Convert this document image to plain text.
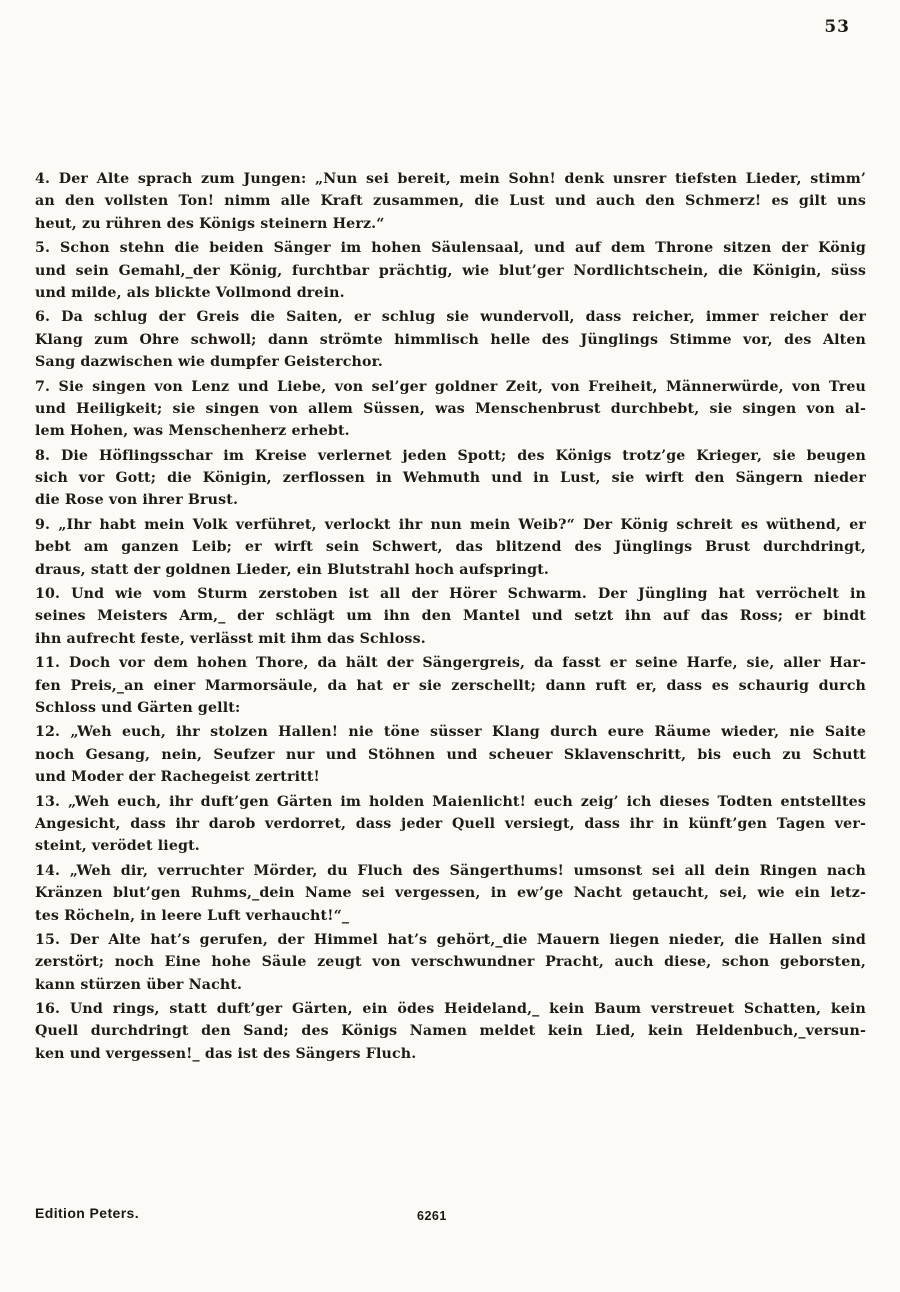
53
4. Der Alte sprach zum Jungen: „Nun sei bereit, mein Sohn! denk unsrer tiefsten Lieder, stimm’
an den vollsten Ton! nimm alle Kraft zusammen, die Lust und auch den Schmerz! es gilt uns
heut, zu rühren des Königs steinern Herz.“
5. Schon stehn die beiden Sänger im hohen Säulensaal, und auf dem Throne sitzen der König
und sein Gemahl,_der König, furchtbar prächtig, wie blut’ger Nordlichtschein, die Königin, süss
und milde, als blickte Vollmond drein.
6. Da schlug der Greis die Saiten, er schlug sie wundervoll, dass reicher, immer reicher der
Klang zum Ohre schwoll; dann strömte himmlisch helle des Jünglings Stimme vor, des Alten
Sang dazwischen wie dumpfer Geisterchor.
7. Sie singen von Lenz und Liebe, von sel’ger goldner Zeit, von Freiheit, Männerwürde, von Treu
und Heiligkeit; sie singen von allem Süssen, was Menschenbrust durchbebt, sie singen von al-
lem Hohen, was Menschenherz erhebt.
8. Die Höflingsschar im Kreise verlernet jeden Spott; des Königs trotz’ge Krieger, sie beugen
sich vor Gott; die Königin, zerflossen in Wehmuth und in Lust, sie wirft den Sängern nieder
die Rose von ihrer Brust.
9. „Ihr habt mein Volk verführet, verlockt ihr nun mein Weib?“ Der König schreit es wüthend, er
bebt am ganzen Leib; er wirft sein Schwert, das blitzend des Jünglings Brust durchdringt,
draus, statt der goldnen Lieder, ein Blutstrahl hoch aufspringt.
10. Und wie vom Sturm zerstoben ist all der Hörer Schwarm. Der Jüngling hat verröchelt in
seines Meisters Arm,_ der schlägt um ihn den Mantel und setzt ihn auf das Ross; er bindt
ihn aufrecht feste, verlässt mit ihm das Schloss.
11. Doch vor dem hohen Thore, da hält der Sängergreis, da fasst er seine Harfe, sie, aller Har-
fen Preis,_an einer Marmorsäule, da hat er sie zerschellt; dann ruft er, dass es schaurig durch
Schloss und Gärten gellt:
12. „Weh euch, ihr stolzen Hallen! nie töne süsser Klang durch eure Räume wieder, nie Saite
noch Gesang, nein, Seufzer nur und Stöhnen und scheuer Sklavenschritt, bis euch zu Schutt
und Moder der Rachegeist zertritt!
13. „Weh euch, ihr duft’gen Gärten im holden Maienlicht! euch zeig’ ich dieses Todten entstelltes
Angesicht, dass ihr darob verdorret, dass jeder Quell versiegt, dass ihr in künft’gen Tagen ver-
steint, verödet liegt.
14. „Weh dir, verruchter Mörder, du Fluch des Sängerthums! umsonst sei all dein Ringen nach
Kränzen blut’gen Ruhms,_dein Name sei vergessen, in ew’ge Nacht getaucht, sei, wie ein letz-
tes Röcheln, in leere Luft verhaucht!“_
15. Der Alte hat’s gerufen, der Himmel hat’s gehört,_die Mauern liegen nieder, die Hallen sind
zerstört; noch Eine hohe Säule zeugt von verschwundner Pracht, auch diese, schon geborsten,
kann stürzen über Nacht.
16. Und rings, statt duft’ger Gärten, ein ödes Heideland,_ kein Baum verstreuet Schatten, kein
Quell durchdringt den Sand; des Königs Namen meldet kein Lied, kein Heldenbuch,_versun-
ken und vergessen!_ das ist des Sängers Fluch.
Edition Peters.	6261
